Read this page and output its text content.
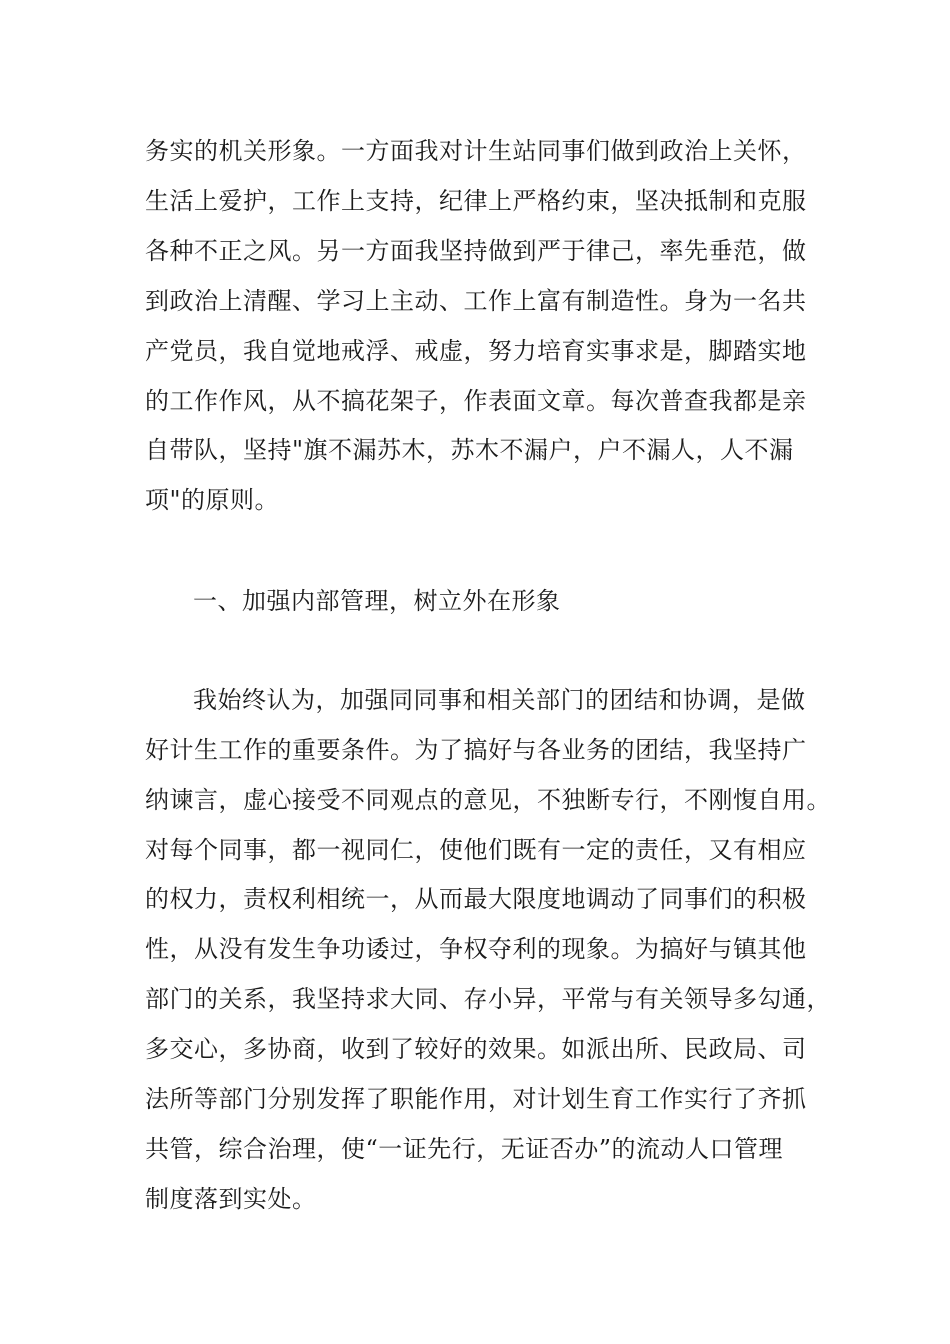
务实的机关形象。一方面我对计生站同事们做到政治上关怀，
生活上爱护，工作上支持，纪律上严格约束，坚决抵制和克服
各种不正之风。另一方面我坚持做到严于律己，率先垂范，做
到政治上清醒、学习上主动、工作上富有制造性。身为一名共
产党员，我自觉地戒浮、戒虚，努力培育实事求是，脚踏实地
的工作作风，从不搞花架子，作表面文章。每次普查我都是亲
自带队，坚持"旗不漏苏木，苏木不漏户，户不漏人，人不漏
项"的原则。
一、加强内部管理，树立外在形象
我始终认为，加强同同事和相关部门的团结和协调，是做
好计生工作的重要条件。为了搞好与各业务的团结，我坚持广
纳谏言，虚心接受不同观点的意见，不独断专行，不刚愎自用。
对每个同事，都一视同仁，使他们既有一定的责任，又有相应
的权力，责权利相统一，从而最大限度地调动了同事们的积极
性，从没有发生争功诿过，争权夺利的现象。为搞好与镇其他
部门的关系，我坚持求大同、存小异，平常与有关领导多勾通，
多交心，多协商，收到了较好的效果。如派出所、民政局、司
法所等部门分别发挥了职能作用，对计划生育工作实行了齐抓
共管，综合治理，使“一证先行，无证否办”的流动人口管理
制度落到实处。
